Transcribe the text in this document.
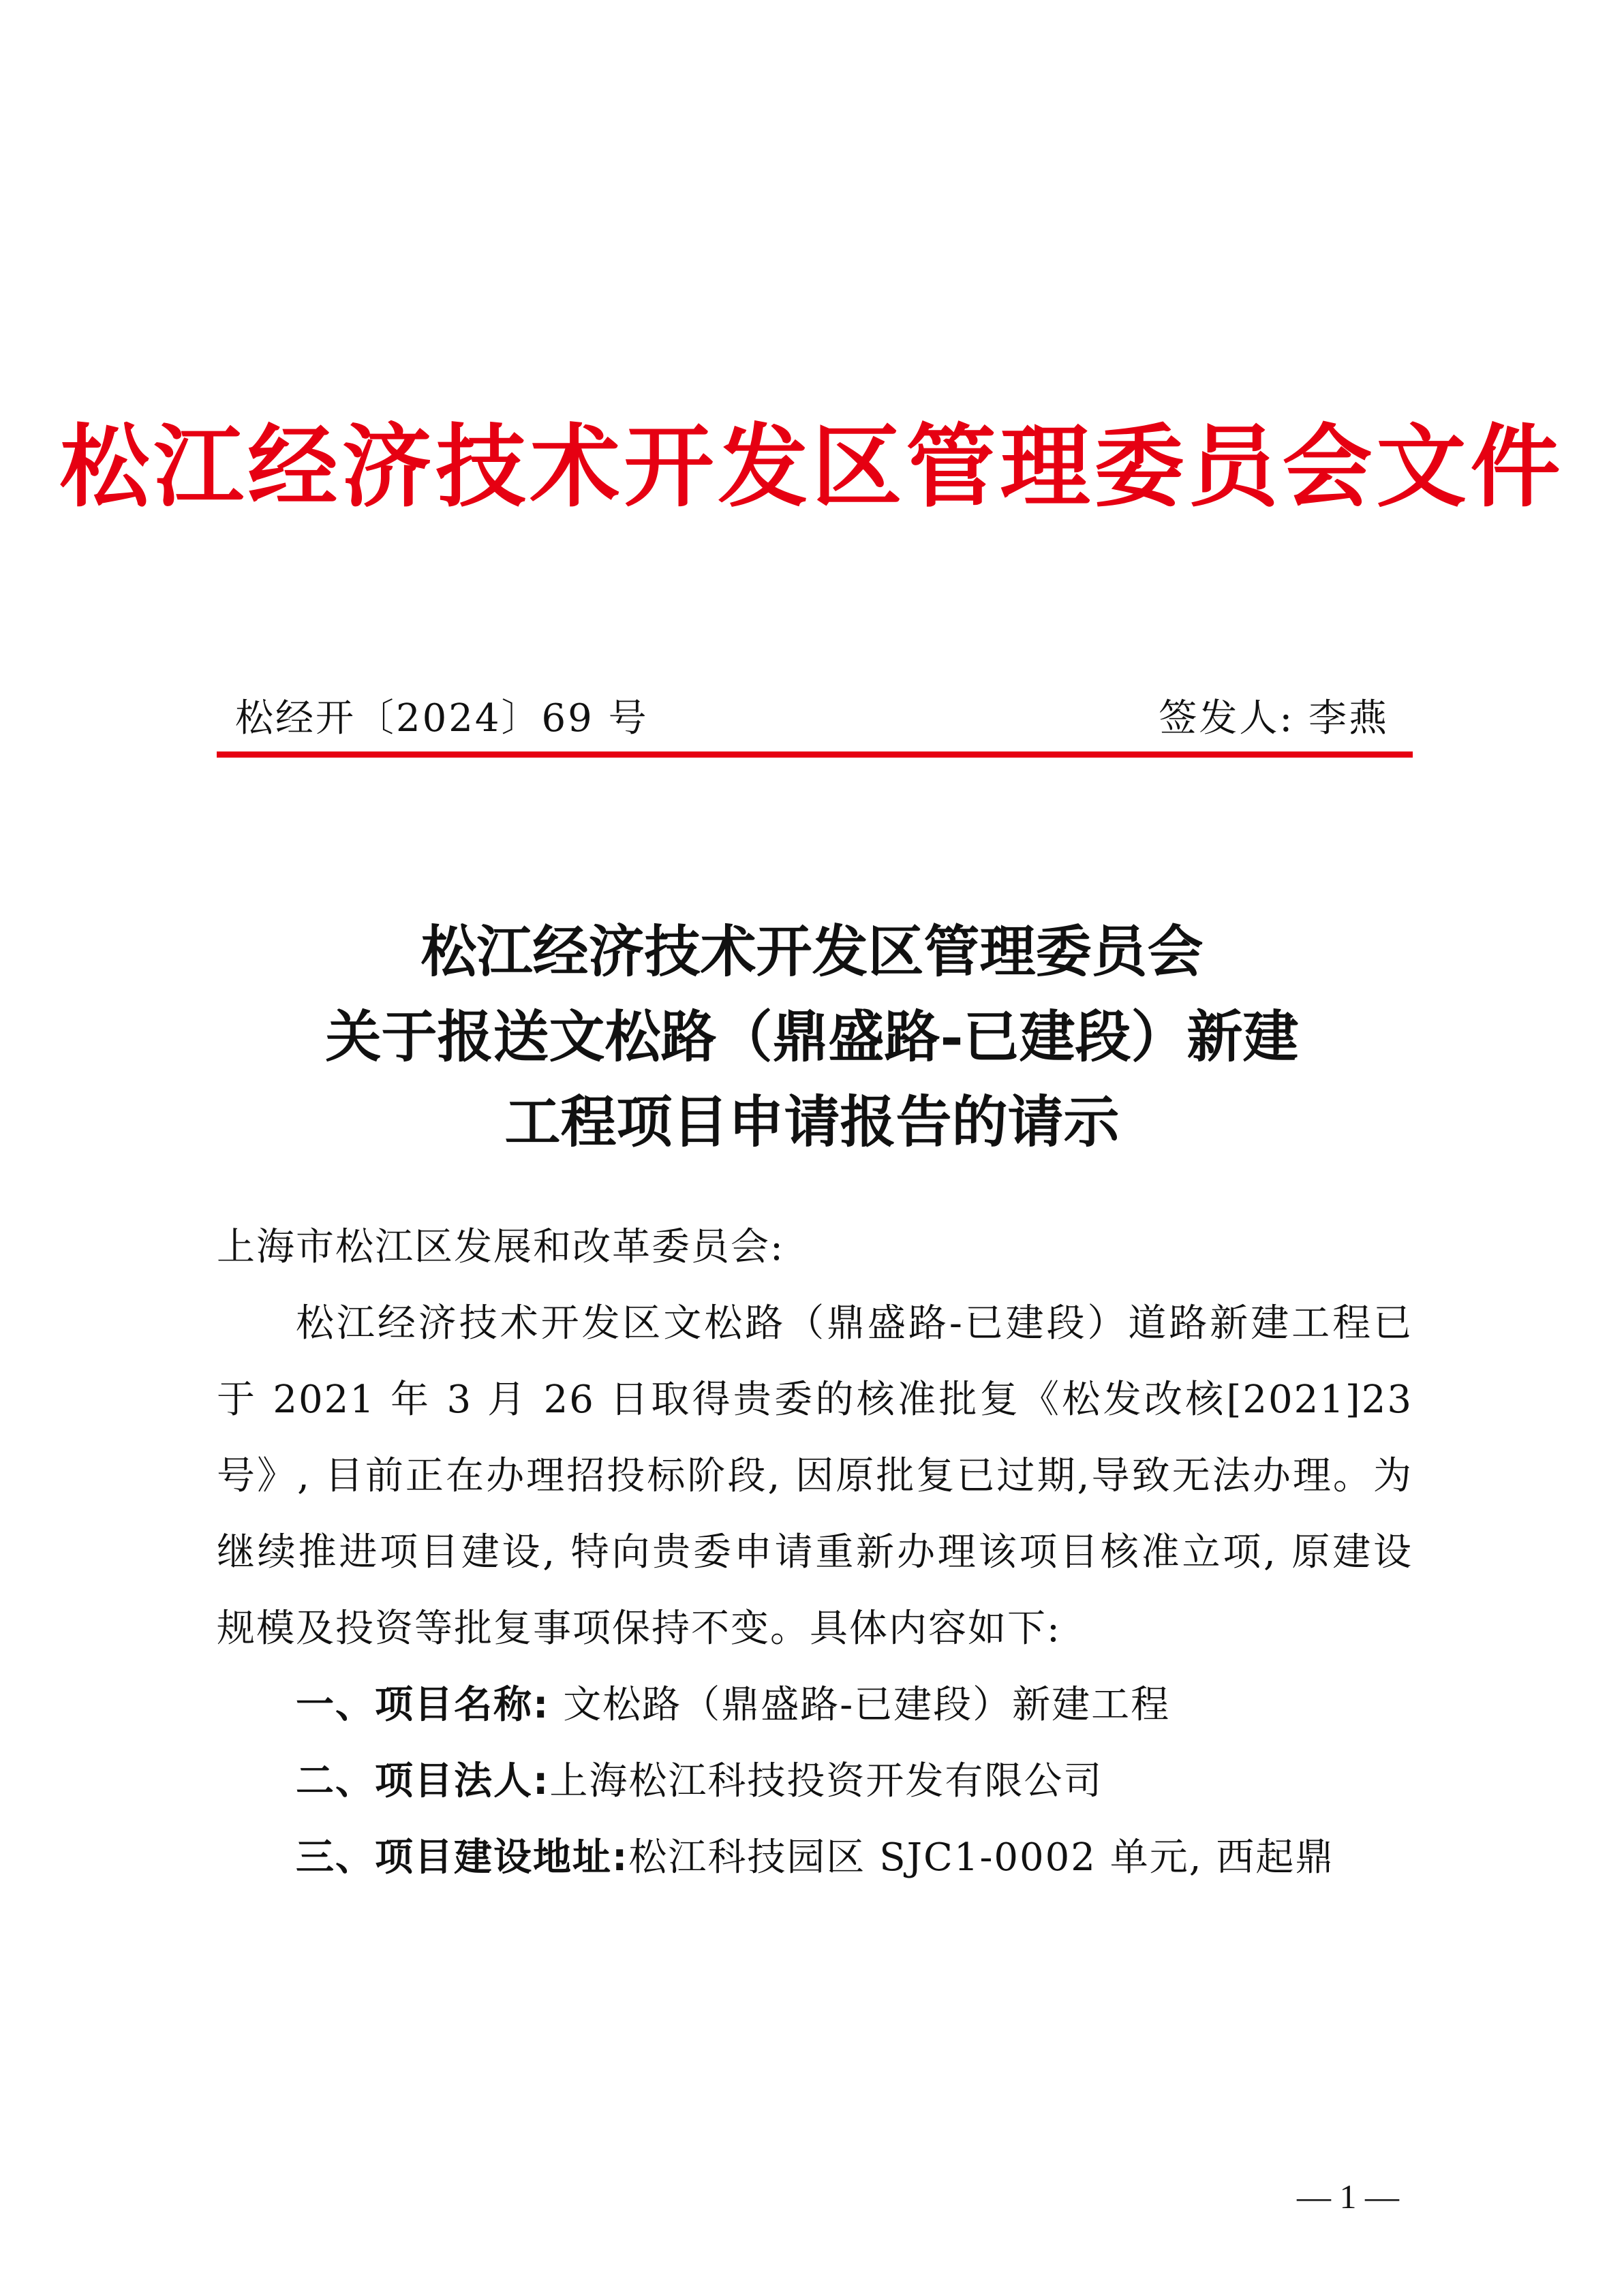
松江经济技术开发区管理委员会文件
松经开〔2024〕69 号	签发人: 李燕
松江经济技术开发区管理委员会
关于报送文松路（鼎盛路-已建段）新建
工程项目申请报告的请示

上海市松江区发展和改革委员会:

松江经济技术开发区文松路（鼎盛路-已建段）道路新建工程已于 2021 年 3 月 26 日取得贵委的核准批复《松发改核[2021]23 号》, 目前正在办理招投标阶段, 因原批复已过期,导致无法办理。为继续推进项目建设, 特向贵委申请重新办理该项目核准立项, 原建设规模及投资等批复事项保持不变。具体内容如下:

一、项目名称: 文松路（鼎盛路-已建段）新建工程

二、项目法人:上海松江科技投资开发有限公司

三、项目建设地址:松江科技园区 SJC1-0002 单元, 西起鼎

— 1 —
